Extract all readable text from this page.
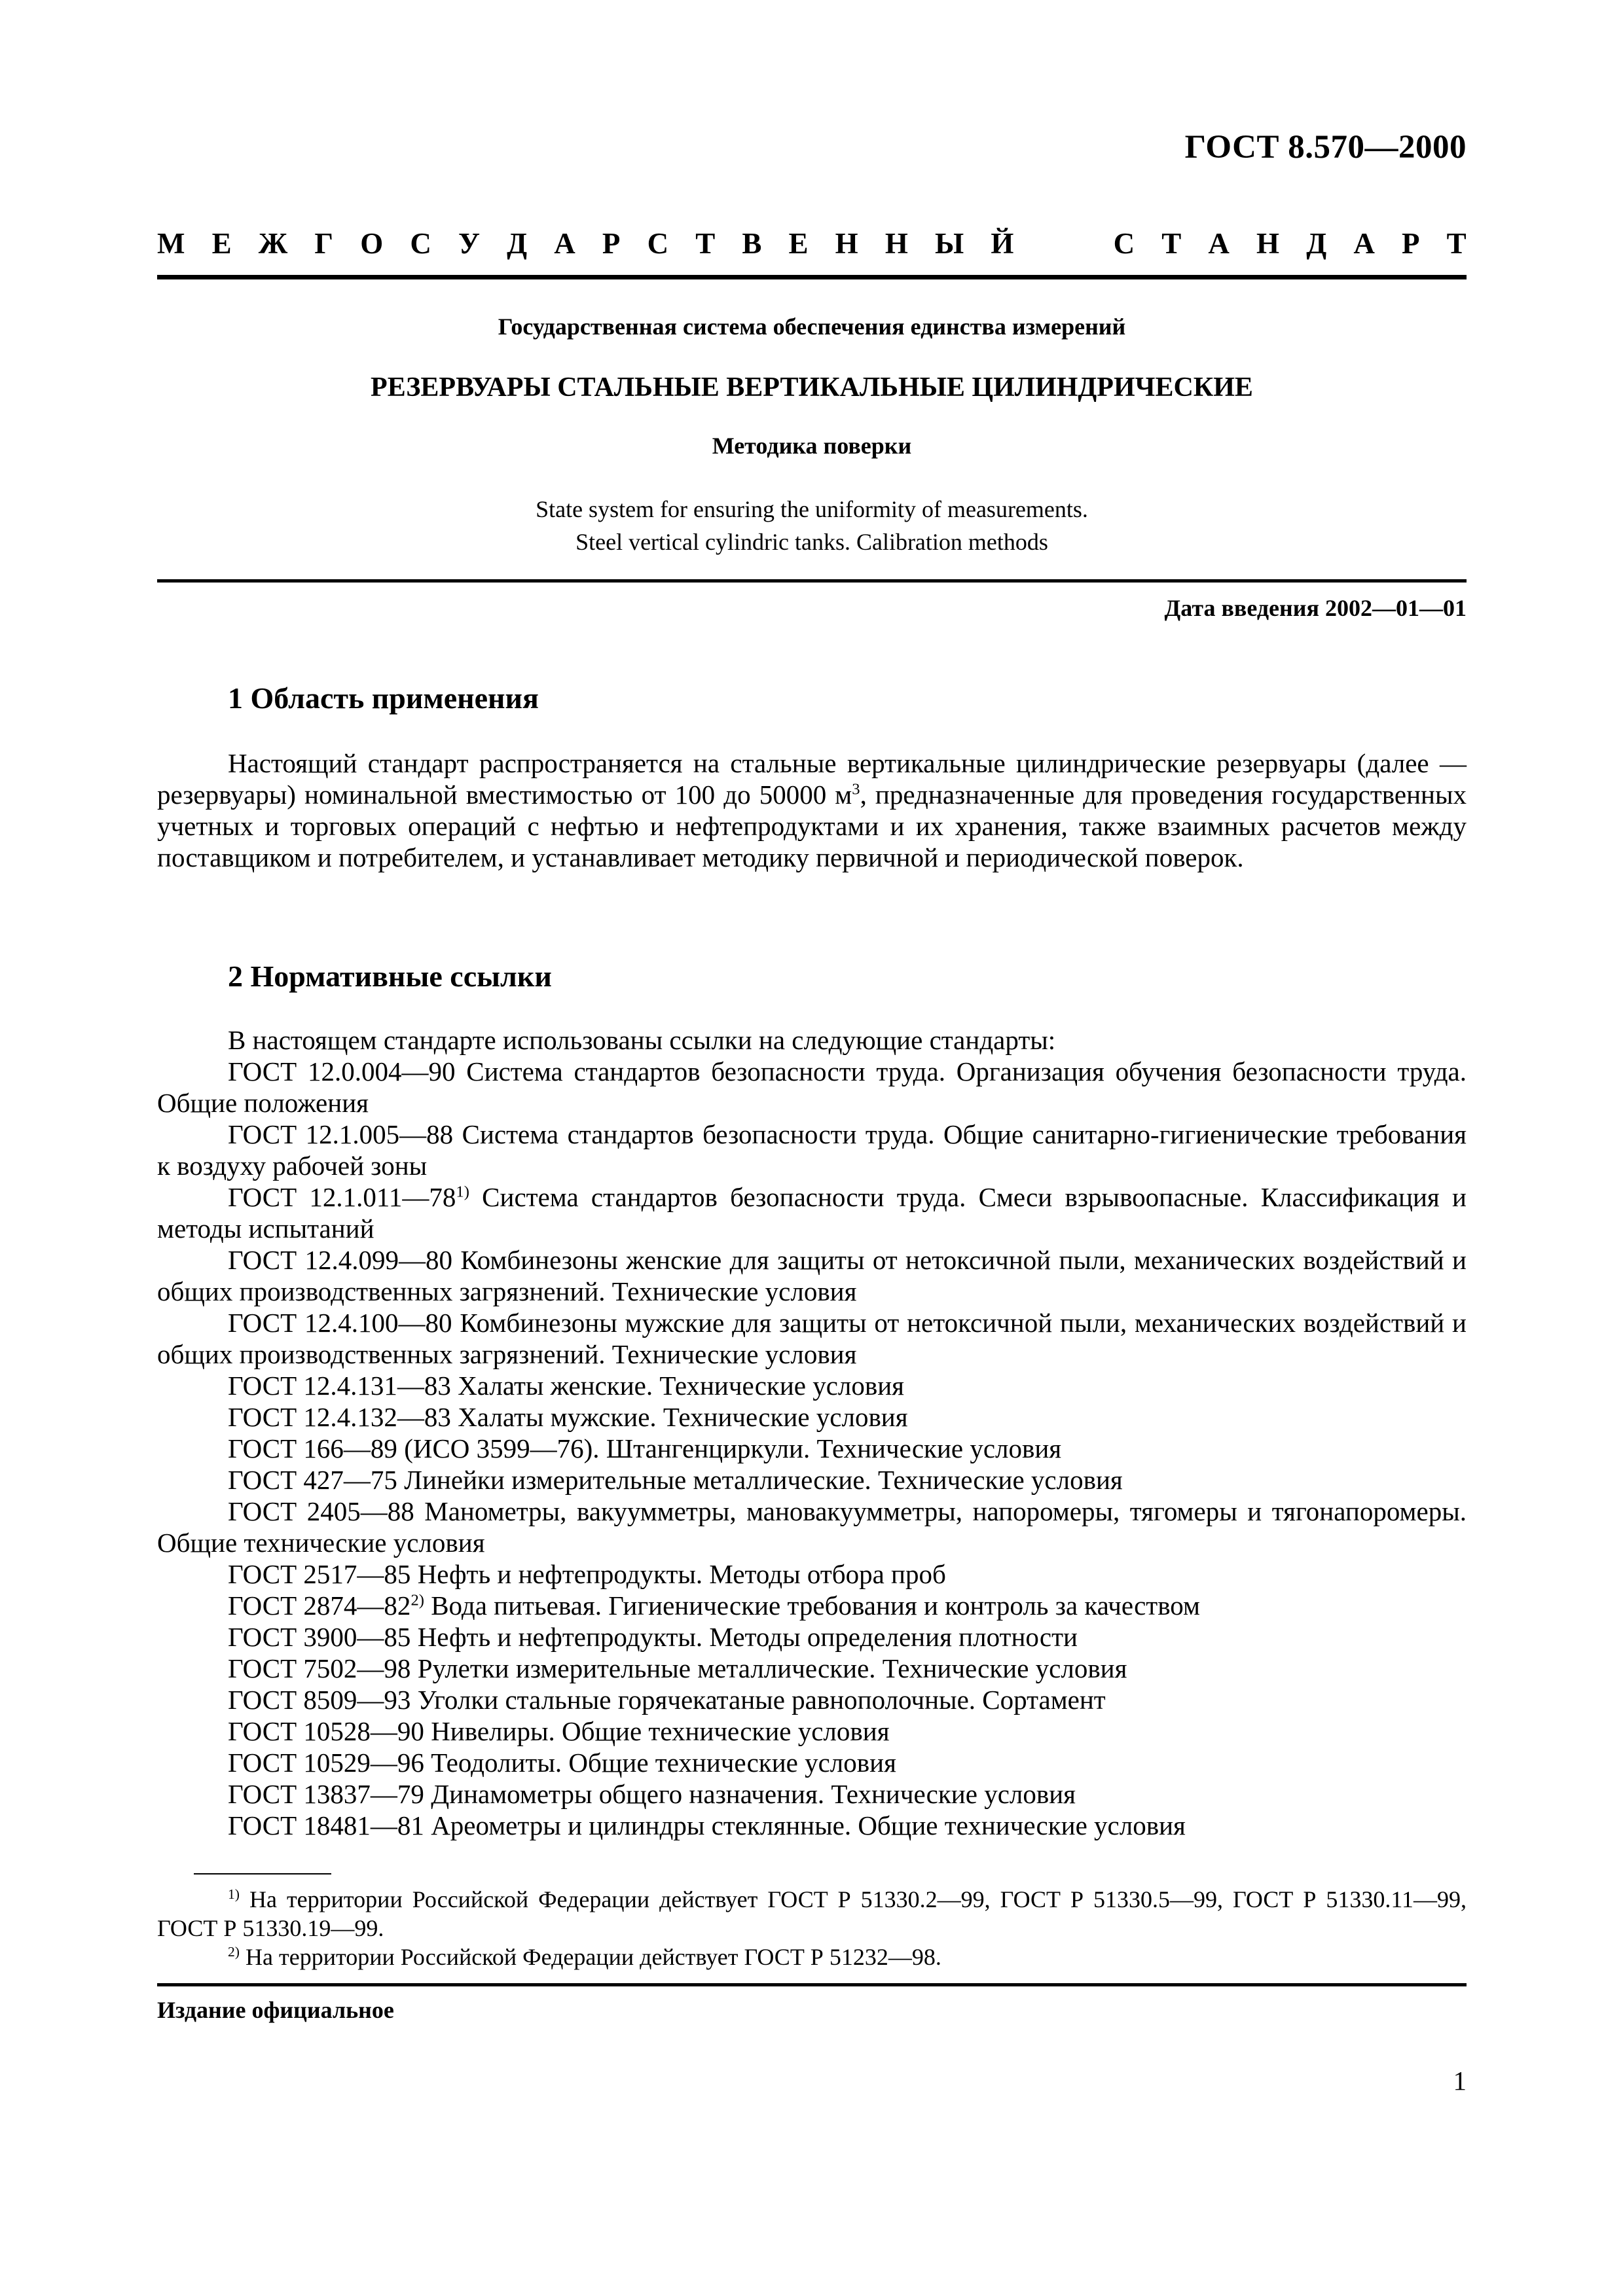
ГОСТ 8.570—2000
М Е Ж Г О С У Д А Р С Т В Е Н Н Ы Й	С Т А Н Д А Р Т
Государственная система обеспечения единства измерений
РЕЗЕРВУАРЫ СТАЛЬНЫЕ ВЕРТИКАЛЬНЫЕ ЦИЛИНДРИЧЕСКИЕ
Методика поверки
State system for ensuring the uniformity of measurements.
Steel vertical cylindric tanks. Calibration methods
Дата введения 2002—01—01
1 Область применения
Настоящий стандарт распространяется на стальные вертикальные цилиндрические резервуары (далее — резервуары) номинальной вместимостью от 100 до 50000 $м^3$, предназначенные для проведения государственных учетных и торговых операций с нефтью и нефтепродуктами и их хранения, также взаимных расчетов между поставщиком и потребителем, и устанавливает методику первичной и периодической поверок.
2 Нормативные ссылки

В настоящем стандарте использованы ссылки на следующие стандарты:

ГОСТ 12.0.004—90 Система стандартов безопасности труда. Организация обучения безопасности труда. Общие положения

ГОСТ 12.1.005—88 Система стандартов безопасности труда. Общие санитарно-гигиенические требования к воздуху рабочей зоны

ГОСТ 12.1.011—78$^{1)}$ Система стандартов безопасности труда. Смеси взрывоопасные. Классификация и методы испытаний

ГОСТ 12.4.099—80 Комбинезоны женские для защиты от нетоксичной пыли, механических воздействий и общих производственных загрязнений. Технические условия

ГОСТ 12.4.100—80 Комбинезоны мужские для защиты от нетоксичной пыли, механических воздействий и общих производственных загрязнений. Технические условия

ГОСТ 12.4.131—83 Халаты женские. Технические условия

ГОСТ 12.4.132—83 Халаты мужские. Технические условия

ГОСТ 166—89 (ИСО 3599—76). Штангенциркули. Технические условия

ГОСТ 427—75 Линейки измерительные металлические. Технические условия

ГОСТ 2405—88 Манометры, вакуумметры, мановакуумметры, напоромеры, тягомеры и тягонапоромеры. Общие технические условия

ГОСТ 2517—85 Нефть и нефтепродукты. Методы отбора проб

ГОСТ 2874—82$^{2)}$ Вода питьевая. Гигиенические требования и контроль за качеством

ГОСТ 3900—85 Нефть и нефтепродукты. Методы определения плотности

ГОСТ 7502—98 Рулетки измерительные металлические. Технические условия

ГОСТ 8509—93 Уголки стальные горячекатаные равнополочные. Сортамент

ГОСТ 10528—90 Нивелиры. Общие технические условия

ГОСТ 10529—96 Теодолиты. Общие технические условия

ГОСТ 13837—79 Динамометры общего назначения. Технические условия

ГОСТ 18481—81 Ареометры и цилиндры стеклянные. Общие технические условия

$^{1)}$ На территории Российской Федерации действует ГОСТ Р 51330.2—99, ГОСТ Р 51330.5—99, ГОСТ Р 51330.11—99, ГОСТ Р 51330.19—99.

$^{2)}$ На территории Российской Федерации действует ГОСТ Р 51232—98.

Издание официальное
1
